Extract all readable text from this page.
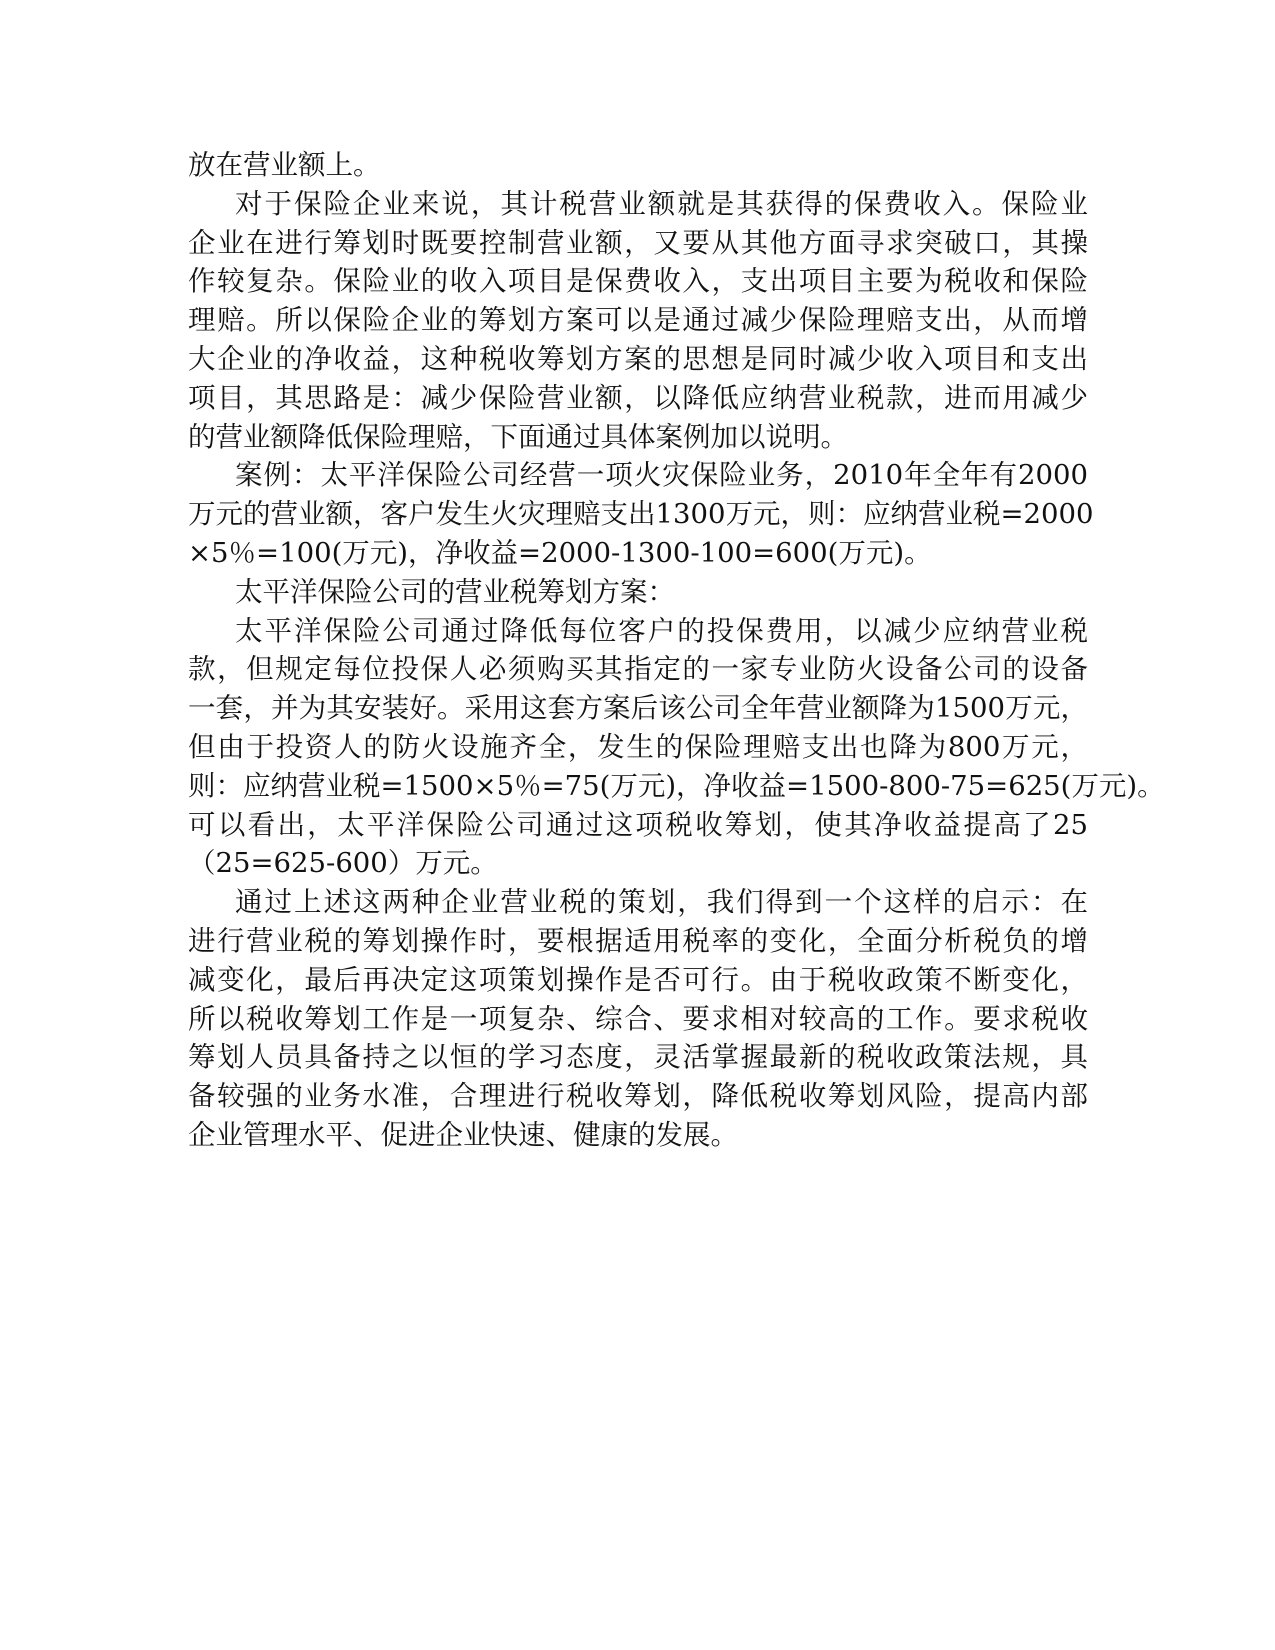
放在营业额上。
对于保险企业来说，其计税营业额就是其获得的保费收入。保险业
企业在进行筹划时既要控制营业额，又要从其他方面寻求突破口，其操
作较复杂。保险业的收入项目是保费收入，支出项目主要为税收和保险
理赔。所以保险企业的筹划方案可以是通过减少保险理赔支出，从而增
大企业的净收益，这种税收筹划方案的思想是同时减少收入项目和支出
项目，其思路是：减少保险营业额，以降低应纳营业税款，进而用减少
的营业额降低保险理赔，下面通过具体案例加以说明。
案例：太平洋保险公司经营一项火灾保险业务，2010年全年有2000
万元的营业额，客户发生火灾理赔支出1300万元，则：应纳营业税=2000
×5％=100(万元)，净收益=2000-1300-100=600(万元)。
太平洋保险公司的营业税筹划方案：
太平洋保险公司通过降低每位客户的投保费用，以减少应纳营业税
款，但规定每位投保人必须购买其指定的一家专业防火设备公司的设备
一套，并为其安装好。采用这套方案后该公司全年营业额降为1500万元，
但由于投资人的防火设施齐全，发生的保险理赔支出也降为800万元，
则：应纳营业税=1500×5％=75(万元)，净收益=1500-800-75=625(万元)。
可以看出，太平洋保险公司通过这项税收筹划，使其净收益提高了25
（25=625-600）万元。
通过上述这两种企业营业税的策划，我们得到一个这样的启示：在
进行营业税的筹划操作时，要根据适用税率的变化，全面分析税负的增
减变化，最后再决定这项策划操作是否可行。由于税收政策不断变化，
所以税收筹划工作是一项复杂、综合、要求相对较高的工作。要求税收
筹划人员具备持之以恒的学习态度，灵活掌握最新的税收政策法规，具
备较强的业务水准，合理进行税收筹划，降低税收筹划风险，提高内部
企业管理水平、促进企业快速、健康的发展。
